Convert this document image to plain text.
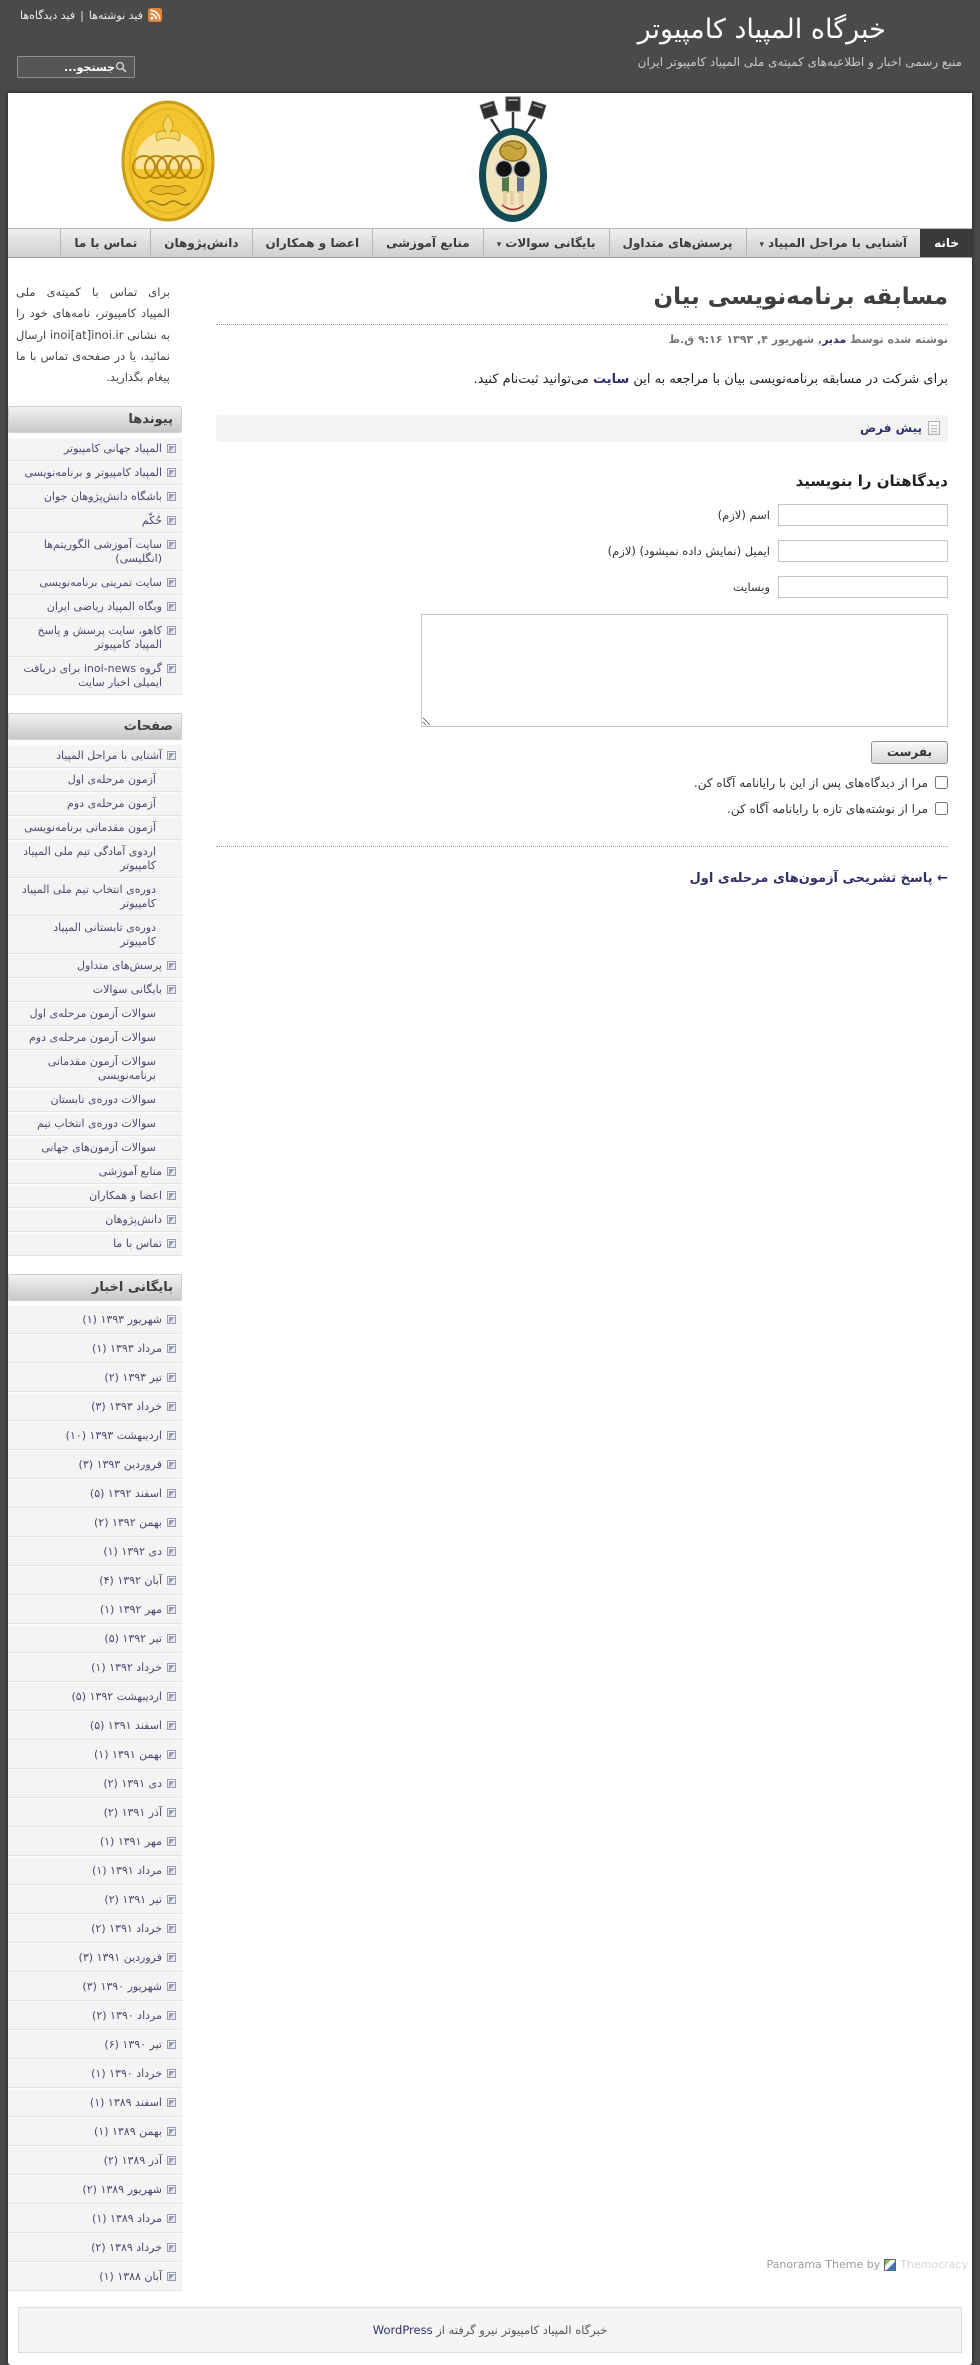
فید نوشته‌ها
|
فید دیدگاه‌ها	خبرگاه المپیاد کامپیوتر
منبع رسمی اخبار و اطلاعیه‌های کمیته‌ی ملی المپیاد کامپیوتر ایران
جستجو...
خانه
آشنایی با مراحل المپیاد▾
پرسش‌های متداول
بایگانی سوالات▾
منابع آموزشی
اعضا و همکاران
دانش‌پژوهان
تماس با ما
مسابقه برنامه‌نویسی بیان
نوشته شده توسط مدیر, شهریور ۴, ۱۳۹۳ ۹:۱۶ ق.ظ

برای شرکت در مسابقه برنامه‌نویسی بیان با مراجعه به این سایت می‌توانید ثبت‌نام کنید.

پیش فرض
دیدگاهتان را بنویسید
اسم (لازم)
ایمیل (نمایش داده نمیشود) (لازم)
وبسایت
بفرست
مرا از دیدگاه‌های پس از این با رایانامه آگاه کن.
مرا از نوشته‌های تازه با رایانامه آگاه کن.
← پاسخ تشریحی آزمون‌های مرحله‌ی اول

برای تماس با کمیته‌ی ملی المپیاد کامپیوتر، نامه‌های خود را به نشانی inoi[at]inoi.ir ارسال نمائید، یا در صفحه‌ی تماس با ما پیغام بگذارید.

پیوندها
المپیاد جهانی کامپیوتر
المپیاد کامپیوتر و برنامه‌نویسی
باشگاه دانش‌پژوهان جوان
حُکّم
سایت آموزشی الگوریتم‌ها (انگلیسی)
سایت تمرینی برنامه‌نویسی
وبگاه المپیاد ریاضی ایران
کاهو، سایت پرسش و پاسخ المپیاد کامپیوتر
گروه inoi-news برای دریافت ایمیلی اخبار سایت
صفحات
آشنایی با مراحل المپیاد
آزمون مرحله‌ی اول
آزمون مرحله‌ی دوم
آزمون مقدماتی برنامه‌نویسی
اردوی آمادگی تیم ملی المپیاد کامپیوتر
دوره‌ی انتخاب تیم ملی المپیاد کامپیوتر
دوره‌ی تابستانی المپیاد کامپیوتر
پرسش‌های متداول
بایگانی سوالات
سوالات آزمون مرحله‌ی اول
سوالات آزمون مرحله‌ی دوم
سوالات آزمون مقدماتی برنامه‌نویسی
سوالات دوره‌ی تابستان
سوالات دوره‌ی انتخاب تیم
سوالات آزمون‌های جهانی
منابع آموزشی
اعضا و همکاران
دانش‌پژوهان
تماس با ما
بایگانی اخبار
شهریور ۱۳۹۳ (۱)
مرداد ۱۳۹۳ (۱)
تیر ۱۳۹۳ (۲)
خرداد ۱۳۹۳ (۳)
اردیبهشت ۱۳۹۳ (۱۰)
فروردین ۱۳۹۳ (۳)
اسفند ۱۳۹۲ (۵)
بهمن ۱۳۹۲ (۲)
دی ۱۳۹۲ (۱)
آبان ۱۳۹۲ (۴)
مهر ۱۳۹۲ (۱)
تیر ۱۳۹۲ (۵)
خرداد ۱۳۹۲ (۱)
اردیبهشت ۱۳۹۲ (۵)
اسفند ۱۳۹۱ (۵)
بهمن ۱۳۹۱ (۱)
دی ۱۳۹۱ (۲)
آذر ۱۳۹۱ (۲)
مهر ۱۳۹۱ (۱)
مرداد ۱۳۹۱ (۱)
تیر ۱۳۹۱ (۲)
خرداد ۱۳۹۱ (۲)
فروردین ۱۳۹۱ (۳)
شهریور ۱۳۹۰ (۳)
مرداد ۱۳۹۰ (۲)
تیر ۱۳۹۰ (۶)
خرداد ۱۳۹۰ (۱)
اسفند ۱۳۸۹ (۱)
بهمن ۱۳۸۹ (۱)
آذر ۱۳۸۹ (۲)
شهریور ۱۳۸۹ (۲)
مرداد ۱۳۸۹ (۱)
خرداد ۱۳۸۹ (۲)
آبان ۱۳۸۸ (۱)
خبرگاه المپیاد کامپیوتر نیرو گرفته از WordPress
Panorama Theme by Themocracy
